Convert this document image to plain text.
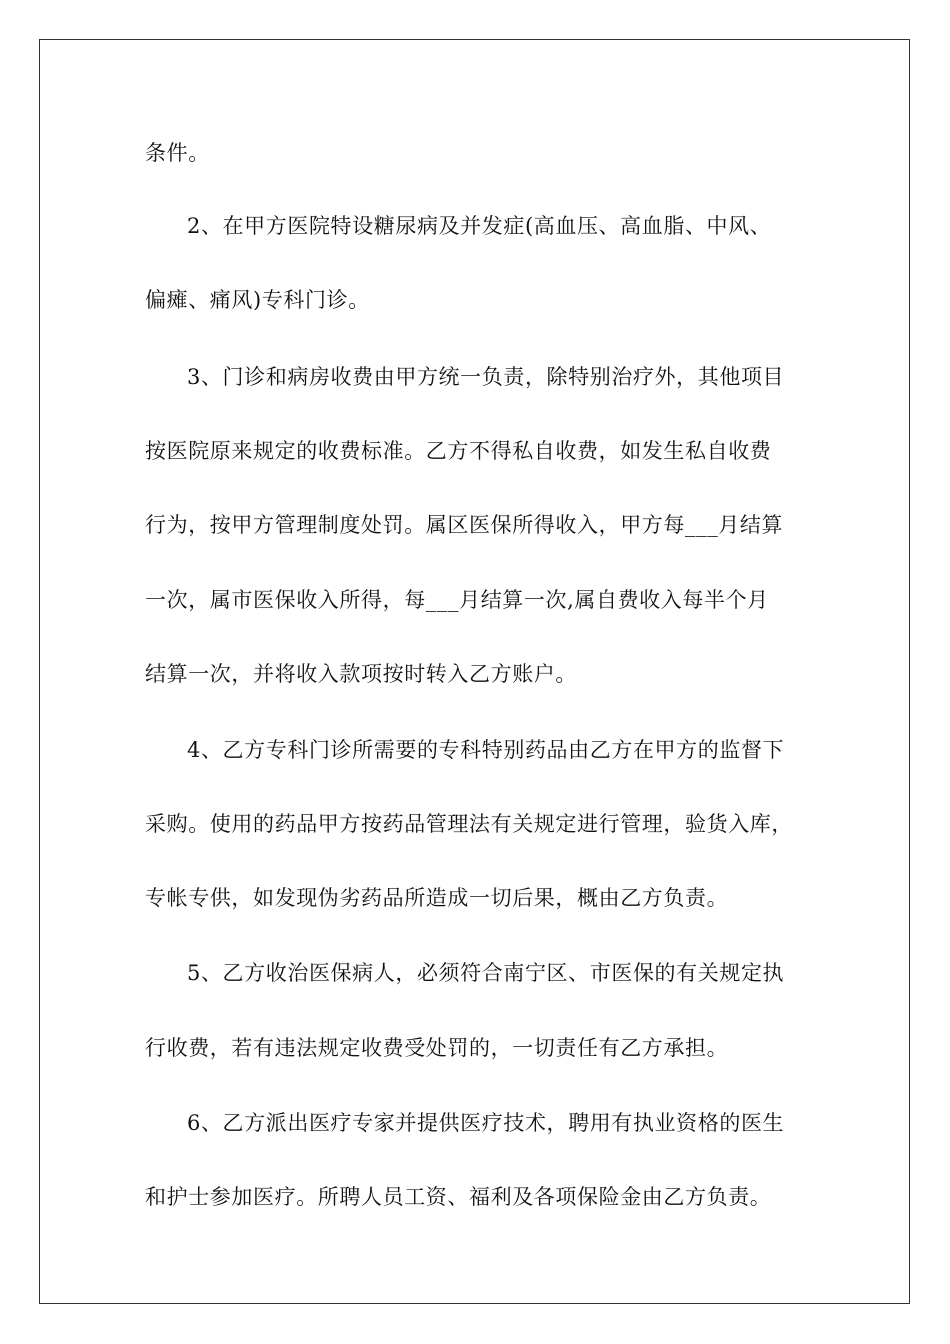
条件。
2、在甲方医院特设糖尿病及并发症(高血压、高血脂、中风、
偏瘫、痛风)专科门诊。
3、门诊和病房收费由甲方统一负责，除特别治疗外，其他项目
按医院原来规定的收费标准。乙方不得私自收费，如发生私自收费
行为，按甲方管理制度处罚。属区医保所得收入，甲方每___月结算
一次，属市医保收入所得，每___月结算一次,属自费收入每半个月
结算一次，并将收入款项按时转入乙方账户。
4、乙方专科门诊所需要的专科特别药品由乙方在甲方的监督下
采购。使用的药品甲方按药品管理法有关规定进行管理，验货入库，
专帐专供，如发现伪劣药品所造成一切后果，概由乙方负责。
5、乙方收治医保病人，必须符合南宁区、市医保的有关规定执
行收费，若有违法规定收费受处罚的，一切责任有乙方承担。
6、乙方派出医疗专家并提供医疗技术，聘用有执业资格的医生
和护士参加医疗。所聘人员工资、福利及各项保险金由乙方负责。
